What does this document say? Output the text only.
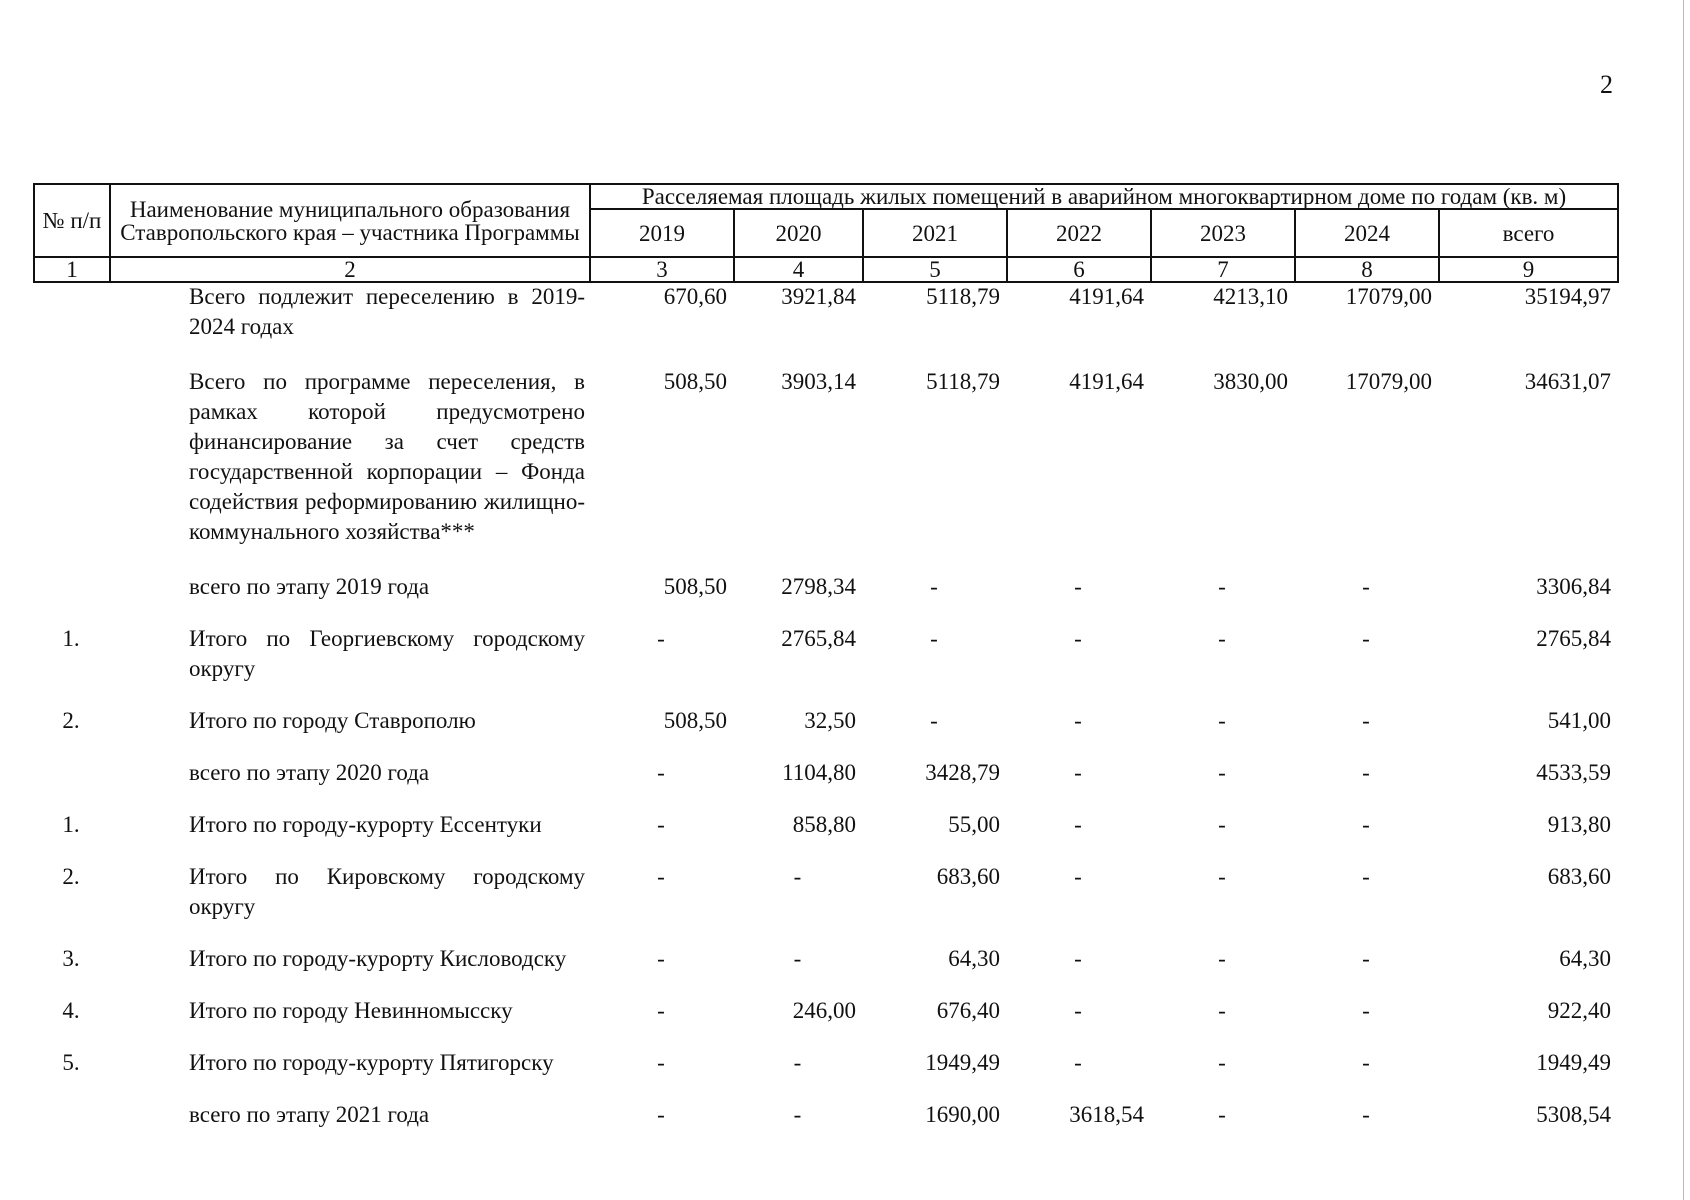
2
№ п/п	Наименование муниципального образования Ставропольского края – участника Программы	Расселяемая площадь жилых помещений в аварийном многоквартирном доме по годам (кв. м)						
		2019	2020	2021	2022	2023	2024	всего
1	2	3	4	5	6	7	8	9
	Всего подлежит переселению в 2019-2024 годах	670,60	3921,84	5118,79	4191,64	4213,10	17079,00	35194,97
	Всего по программе переселения, в рамках которой предусмотрено финансирование за счет средств государственной корпорации – Фонда содействия реформированию жилищно-коммунального хозяйства***	508,50	3903,14	5118,79	4191,64	3830,00	17079,00	34631,07
	всего по этапу 2019 года	508,50	2798,34	-	-	-	-	3306,84
1.	Итого по Георгиевскому городскому округу	-	2765,84	-	-	-	-	2765,84
2.	Итого по городу Ставрополю	508,50	32,50	-	-	-	-	541,00
	всего по этапу 2020 года	-	1104,80	3428,79	-	-	-	4533,59
1.	Итого по городу-курорту Ессентуки	-	858,80	55,00	-	-	-	913,80
2.	Итого по Кировскому городскому округу	-	-	683,60	-	-	-	683,60
3.	Итого по городу-курорту Кисловодску	-	-	64,30	-	-	-	64,30
4.	Итого по городу Невинномысску	-	246,00	676,40	-	-	-	922,40
5.	Итого по городу-курорту Пятигорску	-	-	1949,49	-	-	-	1949,49
	всего по этапу 2021 года	-	-	1690,00	3618,54	-	-	5308,54
